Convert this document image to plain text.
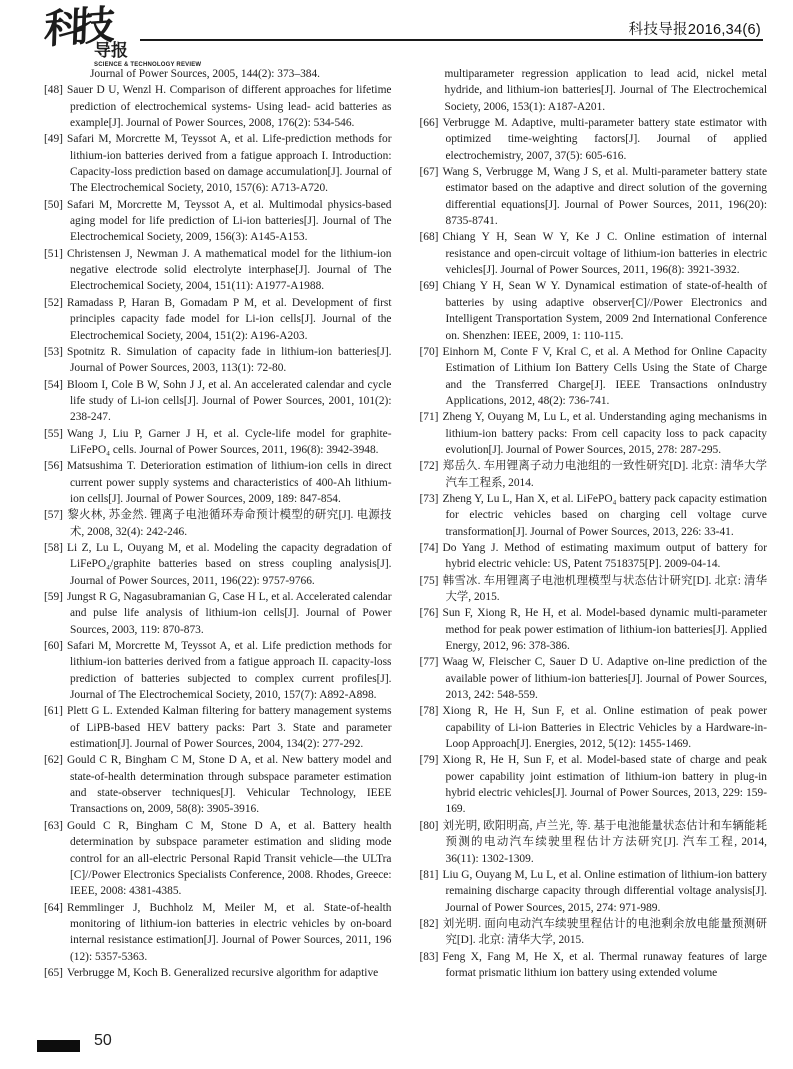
科技
导报
SCIENCE & TECHNOLOGY REVIEW
科技导报2016,34(6)

Journal of Power Sources, 2005, 144(2): 373–384.

[48] Sauer D U, Wenzl H. Comparison of different approaches for lifetime prediction of electrochemical systems- Using lead- acid batteries as example[J]. Journal of Power Sources, 2008, 176(2): 534-546.

[49] Safari M, Morcrette M, Teyssot A, et al. Life-prediction methods for lithium-ion batteries derived from a fatigue approach I. Introduction: Capacity-loss prediction based on damage accumulation[J]. Journal of The Electrochemical Society, 2010, 157(6): A713-A720.

[50] Safari M, Morcrette M, Teyssot A, et al. Multimodal physics-based aging model for life prediction of Li-ion batteries[J]. Journal of The Electrochemical Society, 2009, 156(3): A145-A153.

[51] Christensen J, Newman J. A mathematical model for the lithium-ion negative electrode solid electrolyte interphase[J]. Journal of The Electrochemical Society, 2004, 151(11): A1977-A1988.

[52] Ramadass P, Haran B, Gomadam P M, et al. Development of first principles capacity fade model for Li-ion cells[J]. Journal of the Electrochemical Society, 2004, 151(2): A196-A203.

[53] Spotnitz R. Simulation of capacity fade in lithium-ion batteries[J]. Journal of Power Sources, 2003, 113(1): 72-80.

[54] Bloom I, Cole B W, Sohn J J, et al. An accelerated calendar and cycle life study of Li-ion cells[J]. Journal of Power Sources, 2001, 101(2): 238-247.

[55] Wang J, Liu P, Garner J H, et al. Cycle-life model for graphite-LiFePO₄ cells. Journal of Power Sources, 2011, 196(8): 3942-3948.

[56] Matsushima T. Deterioration estimation of lithium-ion cells in direct current power supply systems and characteristics of 400-Ah lithium-ion cells[J]. Journal of Power Sources, 2009, 189: 847-854.

[57] 黎火林, 苏金然. 锂离子电池循环寿命预计模型的研究[J]. 电源技术, 2008, 32(4): 242-246.

[58] Li Z, Lu L, Ouyang M, et al. Modeling the capacity degradation of LiFePO₄/graphite batteries based on stress coupling analysis[J]. Journal of Power Sources, 2011, 196(22): 9757-9766.

[59] Jungst R G, Nagasubramanian G, Case H L, et al. Accelerated calendar and pulse life analysis of lithium-ion cells[J]. Journal of Power Sources, 2003, 119: 870-873.

[60] Safari M, Morcrette M, Teyssot A, et al. Life prediction methods for lithium-ion batteries derived from a fatigue approach II. capacity-loss prediction of batteries subjected to complex current profiles[J]. Journal of The Electrochemical Society, 2010, 157(7): A892-A898.

[61] Plett G L. Extended Kalman filtering for battery management systems of LiPB-based HEV battery packs: Part 3. State and parameter estimation[J]. Journal of Power Sources, 2004, 134(2): 277-292.

[62] Gould C R, Bingham C M, Stone D A, et al. New battery model and state-of-health determination through subspace parameter estimation and state-observer techniques[J]. Vehicular Technology, IEEE Transactions on, 2009, 58(8): 3905-3916.

[63] Gould C R, Bingham C M, Stone D A, et al. Battery health determination by subspace parameter estimation and sliding mode control for an all-electric Personal Rapid Transit vehicle—the ULTra [C]//Power Electronics Specialists Conference, 2008. Rhodes, Greece: IEEE, 2008: 4381-4385.

[64] Remmlinger J, Buchholz M, Meiler M, et al. State-of-health monitoring of lithium-ion batteries in electric vehicles by on-board internal resistance estimation[J]. Journal of Power Sources, 2011, 196 (12): 5357-5363.

[65] Verbrugge M, Koch B. Generalized recursive algorithm for adaptive

multiparameter regression application to lead acid, nickel metal hydride, and lithium-ion batteries[J]. Journal of The Electrochemical Society, 2006, 153(1): A187-A201.

[66] Verbrugge M. Adaptive, multi-parameter battery state estimator with optimized time-weighting factors[J]. Journal of applied electrochemistry, 2007, 37(5): 605-616.

[67] Wang S, Verbrugge M, Wang J S, et al. Multi-parameter battery state estimator based on the adaptive and direct solution of the governing differential equations[J]. Journal of Power Sources, 2011, 196(20): 8735-8741.

[68] Chiang Y H, Sean W Y, Ke J C. Online estimation of internal resistance and open-circuit voltage of lithium-ion batteries in electric vehicles[J]. Journal of Power Sources, 2011, 196(8): 3921-3932.

[69] Chiang Y H, Sean W Y. Dynamical estimation of state-of-health of batteries by using adaptive observer[C]//Power Electronics and Intelligent Transportation System, 2009 2nd International Conference on. Shenzhen: IEEE, 2009, 1: 110-115.

[70] Einhorn M, Conte F V, Kral C, et al. A Method for Online Capacity Estimation of Lithium Ion Battery Cells Using the State of Charge and the Transferred Charge[J]. IEEE Transactions onIndustry Applications, 2012, 48(2): 736-741.

[71] Zheng Y, Ouyang M, Lu L, et al. Understanding aging mechanisms in lithium-ion battery packs: From cell capacity loss to pack capacity evolution[J]. Journal of Power Sources, 2015, 278: 287-295.

[72] 郑岳久. 车用锂离子动力电池组的一致性研究[D]. 北京: 清华大学汽车工程系, 2014.

[73] Zheng Y, Lu L, Han X, et al. LiFePO₄ battery pack capacity estimation for electric vehicles based on charging cell voltage curve transformation[J]. Journal of Power Sources, 2013, 226: 33-41.

[74] Do Yang J. Method of estimating maximum output of battery for hybrid electric vehicle: US, Patent 7518375[P]. 2009-04-14.

[75] 韩雪冰. 车用锂离子电池机理模型与状态估计研究[D]. 北京: 清华大学, 2015.

[76] Sun F, Xiong R, He H, et al. Model-based dynamic multi-parameter method for peak power estimation of lithium-ion batteries[J]. Applied Energy, 2012, 96: 378-386.

[77] Waag W, Fleischer C, Sauer D U. Adaptive on-line prediction of the available power of lithium-ion batteries[J]. Journal of Power Sources, 2013, 242: 548-559.

[78] Xiong R, He H, Sun F, et al. Online estimation of peak power capability of Li-ion Batteries in Electric Vehicles by a Hardware-in-Loop Approach[J]. Energies, 2012, 5(12): 1455-1469.

[79] Xiong R, He H, Sun F, et al. Model-based state of charge and peak power capability joint estimation of lithium-ion battery in plug-in hybrid electric vehicles[J]. Journal of Power Sources, 2013, 229: 159-169.

[80] 刘光明, 欧阳明高, 卢兰光, 等. 基于电池能量状态估计和车辆能耗预测的电动汽车续驶里程估计方法研究[J]. 汽车工程, 2014, 36(11): 1302-1309.

[81] Liu G, Ouyang M, Lu L, et al. Online estimation of lithium-ion battery remaining discharge capacity through differential voltage analysis[J]. Journal of Power Sources, 2015, 274: 971-989.

[82] 刘光明. 面向电动汽车续驶里程估计的电池剩余放电能量预测研究[D]. 北京: 清华大学, 2015.

[83] Feng X, Fang M, He X, et al. Thermal runaway features of large format prismatic lithium ion battery using extended volume

50
